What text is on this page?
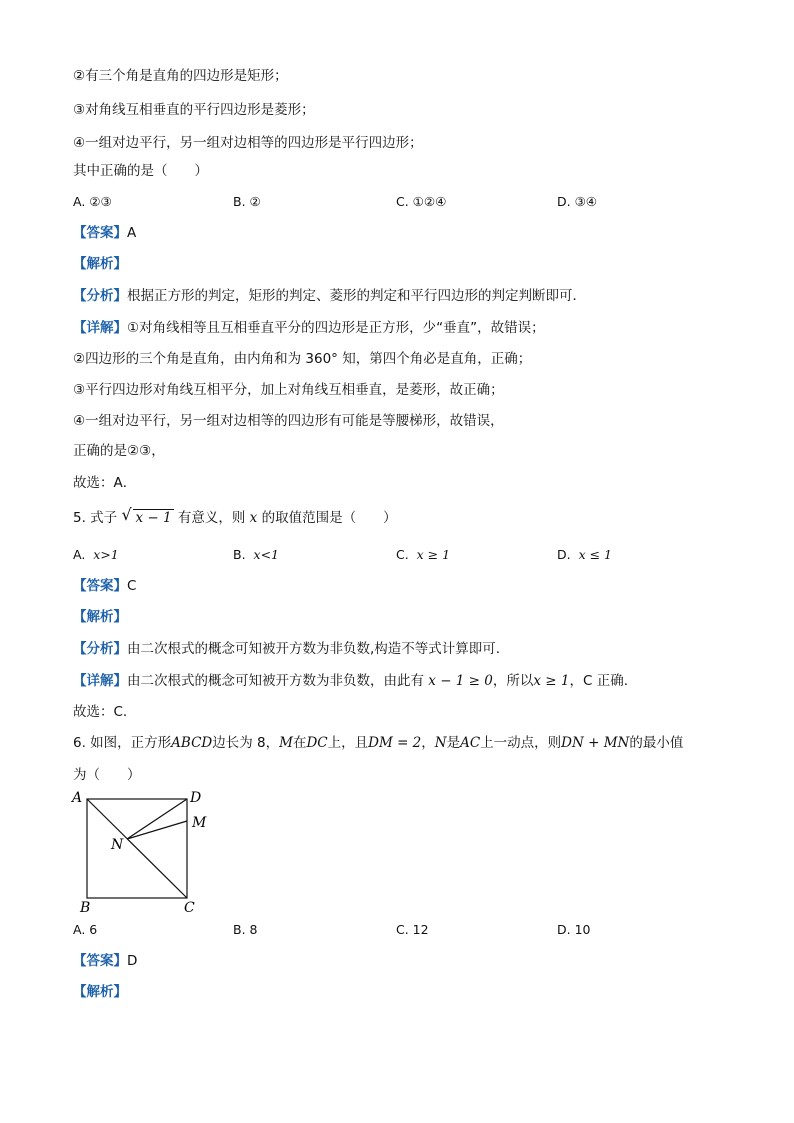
②有三个角是直角的四边形是矩形；
③对角线互相垂直的平行四边形是菱形；
④一组对边平行，另一组对边相等的四边形是平行四边形；
其中正确的是（　　）
A. ②③	B. ②	C. ①②④	D. ③④
【答案】A
【解析】
【分析】根据正方形的判定，矩形的判定、菱形的判定和平行四边形的判定判断即可．
【详解】①对角线相等且互相垂直平分的四边形是正方形，少“垂直”，故错误；
②四边形的三个角是直角，由内角和为 360° 知，第四个角必是直角，正确；
③平行四边形对角线互相平分，加上对角线互相垂直，是菱形，故正确；
④一组对边平行，另一组对边相等的四边形有可能是等腰梯形，故错误，
正确的是②③，
故选：A．
5. 式子 √ x − 1 有意义，则 x 的取值范围是（　　）
A. x>1	B. x<1	C. x ≥ 1	D. x ≤ 1
【答案】C
【解析】
【分析】由二次根式的概念可知被开方数为非负数,构造不等式计算即可.
【详解】由二次根式的概念可知被开方数为非负数，由此有 x − 1 ≥ 0，所以x ≥ 1，C 正确.
故选：C.
6. 如图，正方形ABCD边长为 8，M在DC上，且DM = 2，N是AC上一动点，则DN + MN的最小值
为（　　）
A	D
M
N
B	C
A. 6	B. 8	C. 12	D. 10
【答案】D
【解析】
